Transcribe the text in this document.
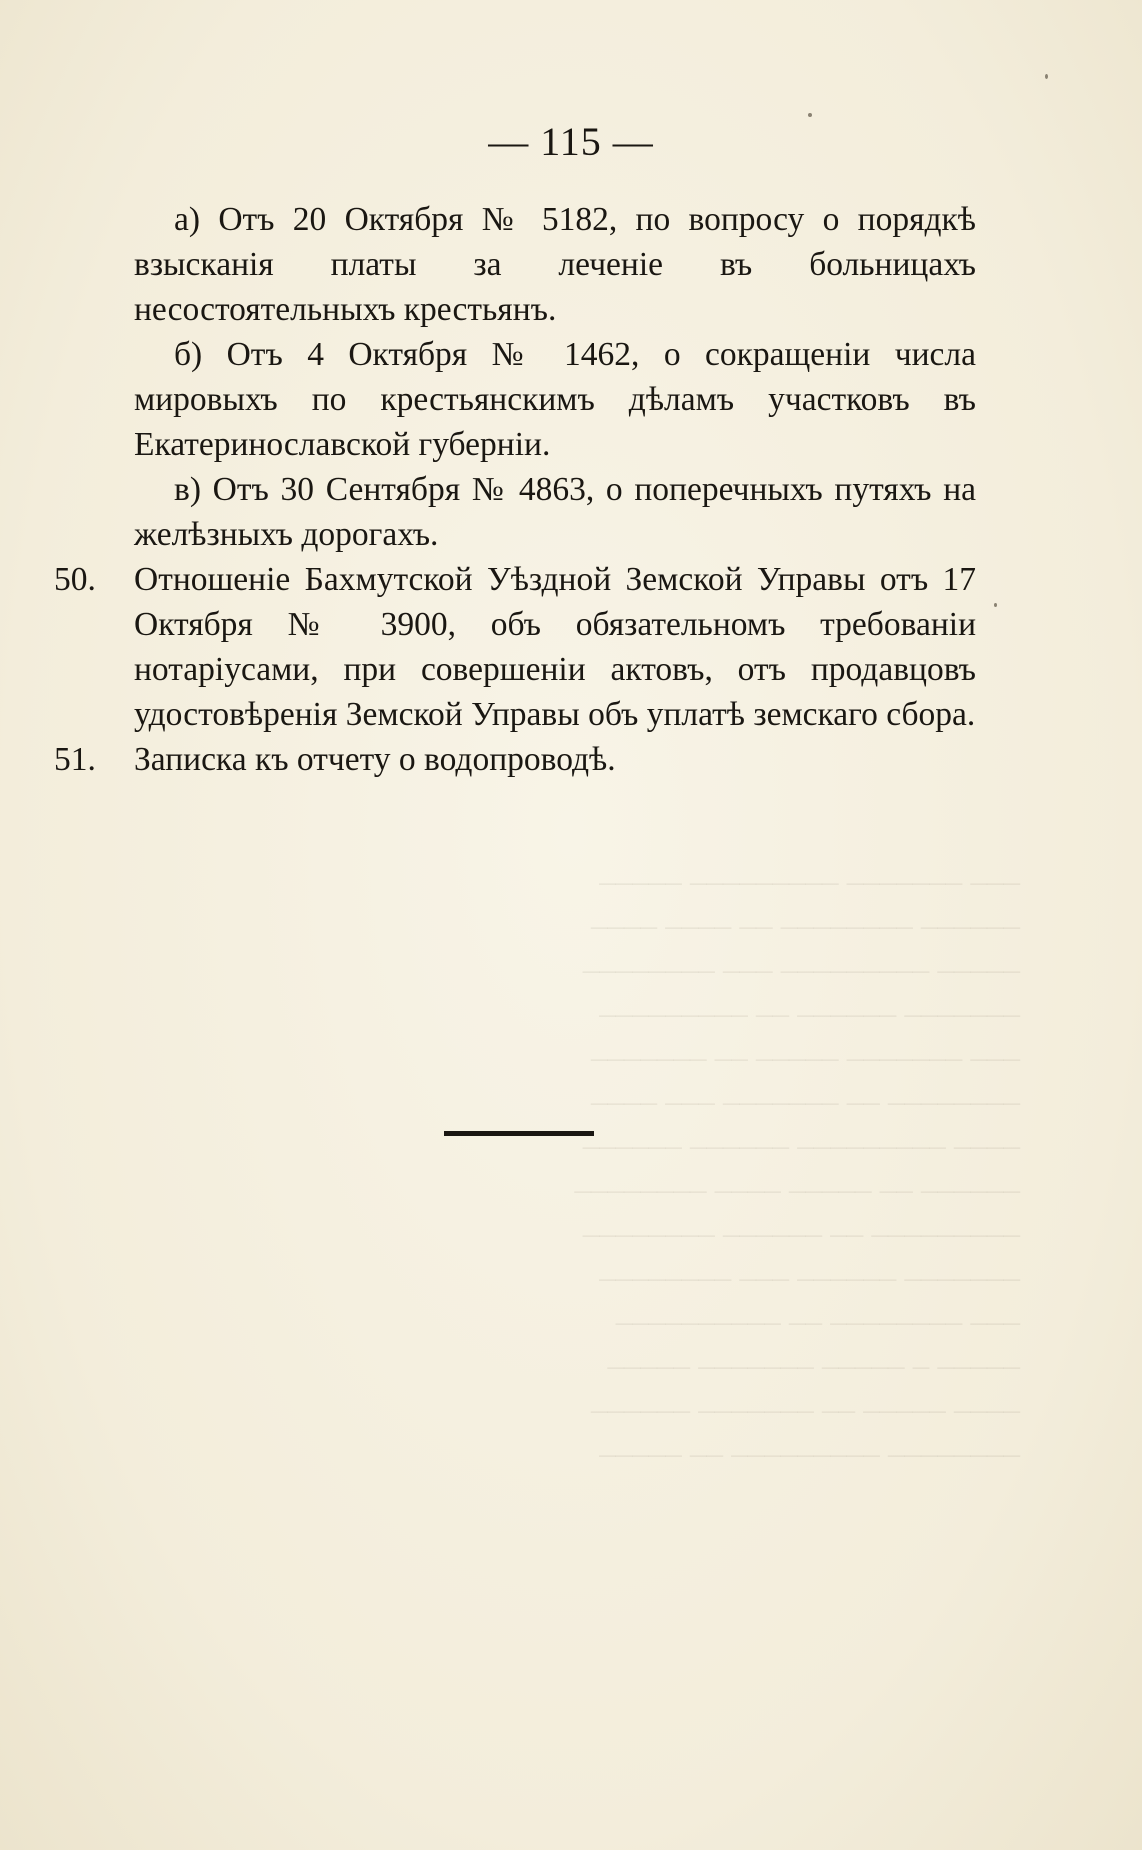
‒‒‒ ‒‒‒‒‒‒‒ ‒‒‒‒‒‒‒‒‒ ‒‒‒‒‒
‒‒‒‒‒‒ ‒‒‒‒‒‒‒‒ ‒‒ ‒‒‒‒ ‒‒‒‒
‒‒‒‒‒ ‒‒‒‒‒‒‒‒‒ ‒‒‒ ‒‒‒‒‒‒‒‒
‒‒‒‒‒‒‒ ‒‒‒‒‒‒ ‒‒ ‒‒‒‒‒‒‒‒‒
‒‒‒ ‒‒‒‒‒‒‒ ‒‒‒‒‒ ‒‒ ‒‒‒‒‒‒‒
‒‒‒‒‒‒‒‒ ‒‒ ‒‒‒‒‒‒‒ ‒‒‒ ‒‒‒‒
‒‒‒‒ ‒‒‒‒‒‒‒‒‒ ‒‒‒‒‒‒ ‒‒‒‒‒‒
‒‒‒‒‒‒ ‒‒ ‒‒‒‒‒ ‒‒‒‒ ‒‒‒‒‒‒‒‒
‒‒‒‒‒‒‒‒‒ ‒‒ ‒‒‒‒‒‒ ‒‒‒‒‒‒‒‒
‒‒‒‒‒‒‒ ‒‒‒‒‒‒ ‒‒‒ ‒‒‒‒‒‒‒‒
‒‒‒ ‒‒‒‒‒‒‒‒ ‒‒ ‒‒‒‒‒‒‒‒‒‒
‒‒‒‒‒ ‒ ‒‒‒‒‒ ‒‒‒‒‒‒‒ ‒‒‒‒‒
‒‒‒‒ ‒‒‒‒‒ ‒‒ ‒‒‒‒‒‒‒ ‒‒‒‒‒‒
‒‒‒‒‒‒‒‒ ‒‒‒‒‒‒‒‒‒ ‒‒ ‒‒‒‒‒
— 115 —

а) Отъ 20 Октября № 5182, по вопросу о порядкѣ взысканія платы за леченіе въ больницахъ несостоятельныхъ крестьянъ.

б) Отъ 4 Октября № 1462, о сокращеніи числа мировыхъ по крестьянскимъ дѣламъ участковъ въ Екатеринославской губерніи.

в) Отъ 30 Сентября № 4863, о поперечныхъ путяхъ на желѣзныхъ дорогахъ.

50.	Отношеніе Бахмутской Уѣздной Земской Управы отъ 17 Октября № 3900, объ обязательномъ требованіи нотаріусами, при совершеніи актовъ, отъ продавцовъ удостовѣренія Земской Управы объ уплатѣ земскаго сбора.

51.	Записка къ отчету о водопроводѣ.
